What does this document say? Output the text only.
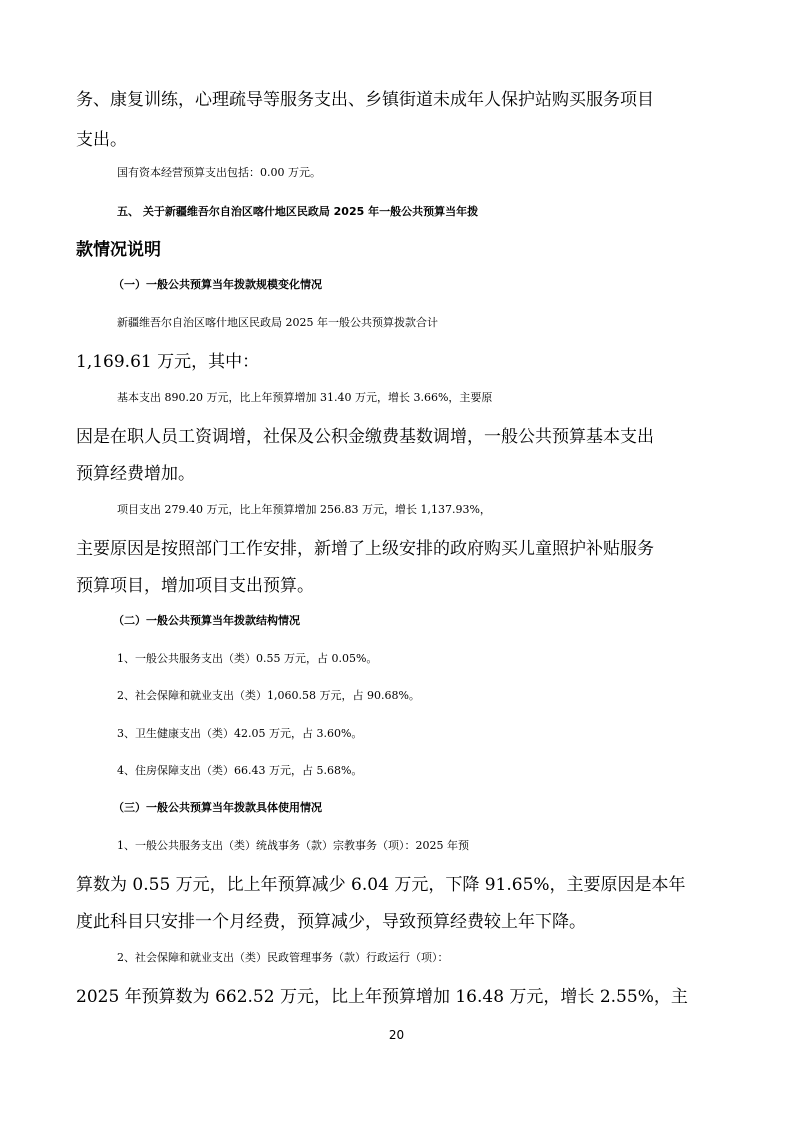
务、康复训练，心理疏导等服务支出、乡镇街道未成年人保护站购买服务项目
支出。
国有资本经营预算支出包括：0.00 万元。
五、 关于新疆维吾尔自治区喀什地区民政局 2025 年一般公共预算当年拨
款情况说明
（一）一般公共预算当年拨款规模变化情况
新疆维吾尔自治区喀什地区民政局 2025 年一般公共预算拨款合计
1,169.61 万元，其中：
基本支出 890.20 万元，比上年预算增加 31.40 万元，增长 3.66%，主要原
因是在职人员工资调增，社保及公积金缴费基数调增，一般公共预算基本支出
预算经费增加。
项目支出 279.40 万元，比上年预算增加 256.83 万元，增长 1,137.93%，
主要原因是按照部门工作安排，新增了上级安排的政府购买儿童照护补贴服务
预算项目，增加项目支出预算。
（二）一般公共预算当年拨款结构情况
1、一般公共服务支出（类）0.55 万元，占 0.05%。
2、社会保障和就业支出（类）1,060.58 万元，占 90.68%。
3、卫生健康支出（类）42.05 万元，占 3.60%。
4、住房保障支出（类）66.43 万元，占 5.68%。
（三）一般公共预算当年拨款具体使用情况
1、一般公共服务支出（类）统战事务（款）宗教事务（项）：2025 年预
算数为 0.55 万元，比上年预算减少 6.04 万元，下降 91.65%，主要原因是本年
度此科目只安排一个月经费，预算减少，导致预算经费较上年下降。
2、社会保障和就业支出（类）民政管理事务（款）行政运行（项）：
2025 年预算数为 662.52 万元，比上年预算增加 16.48 万元，增长 2.55%，主
20
